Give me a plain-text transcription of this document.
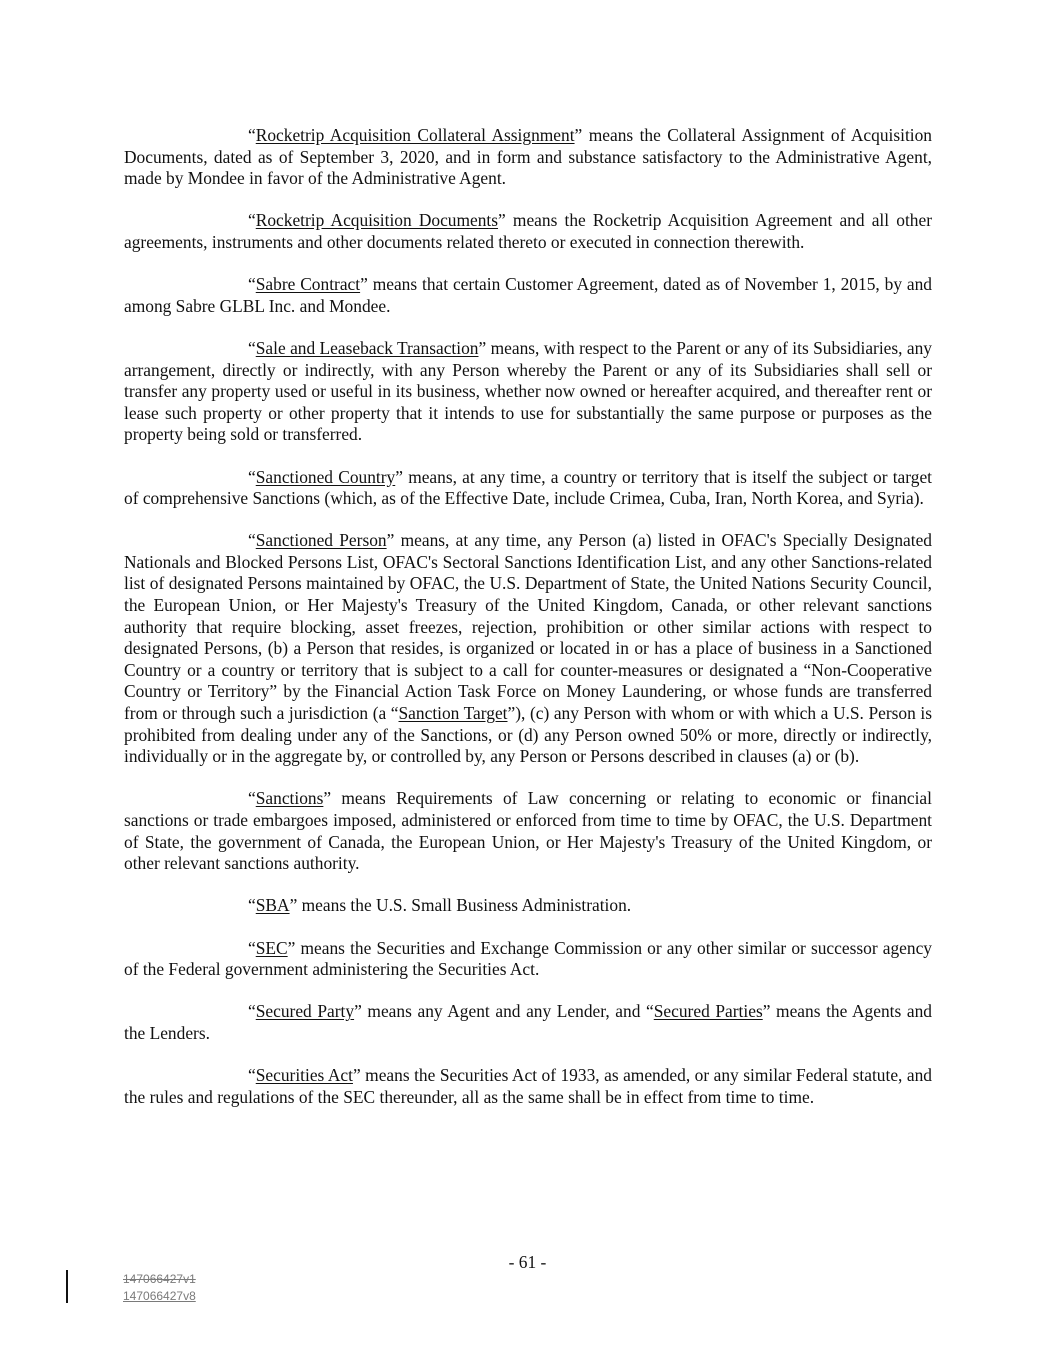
“Rocketrip Acquisition Collateral Assignment” means the Collateral Assignment of Acquisition Documents, dated as of September 3, 2020, and in form and substance satisfactory to the Administrative Agent, made by Mondee in favor of the Administrative Agent.

“Rocketrip Acquisition Documents” means the Rocketrip Acquisition Agreement and all other agreements, instruments and other documents related thereto or executed in connection therewith.

“Sabre Contract” means that certain Customer Agreement, dated as of November 1, 2015, by and among Sabre GLBL Inc. and Mondee.

“Sale and Leaseback Transaction” means, with respect to the Parent or any of its Subsidiaries, any arrangement, directly or indirectly, with any Person whereby the Parent or any of its Subsidiaries shall sell or transfer any property used or useful in its business, whether now owned or hereafter acquired, and thereafter rent or lease such property or other property that it intends to use for substantially the same purpose or purposes as the property being sold or transferred.

“Sanctioned Country” means, at any time, a country or territory that is itself the subject or target of comprehensive Sanctions (which, as of the Effective Date, include Crimea, Cuba, Iran, North Korea, and Syria).

“Sanctioned Person” means, at any time, any Person (a) listed in OFAC's Specially Designated Nationals and Blocked Persons List, OFAC's Sectoral Sanctions Identification List, and any other Sanctions-related list of designated Persons maintained by OFAC, the U.S. Department of State, the United Nations Security Council, the European Union, or Her Majesty's Treasury of the United Kingdom, Canada, or other relevant sanctions authority that require blocking, asset freezes, rejection, prohibition or other similar actions with respect to designated Persons, (b) a Person that resides, is organized or located in or has a place of business in a Sanctioned Country or a country or territory that is subject to a call for counter-measures or designated a “Non-Cooperative Country or Territory” by the Financial Action Task Force on Money Laundering, or whose funds are transferred from or through such a jurisdiction (a “Sanction Target”), (c) any Person with whom or with which a U.S. Person is prohibited from dealing under any of the Sanctions, or (d) any Person owned 50% or more, directly or indirectly, individually or in the aggregate by, or controlled by, any Person or Persons described in clauses (a) or (b).

“Sanctions” means Requirements of Law concerning or relating to economic or financial sanctions or trade embargoes imposed, administered or enforced from time to time by OFAC, the U.S. Department of State, the government of Canada, the European Union, or Her Majesty's Treasury of the United Kingdom, or other relevant sanctions authority.

“SBA” means the U.S. Small Business Administration.

“SEC” means the Securities and Exchange Commission or any other similar or successor agency of the Federal government administering the Securities Act.

“Secured Party” means any Agent and any Lender, and “Secured Parties” means the Agents and the Lenders.

“Securities Act” means the Securities Act of 1933, as amended, or any similar Federal statute, and the rules and regulations of the SEC thereunder, all as the same shall be in effect from time to time.

- 61 -
147066427v1
147066427v8
